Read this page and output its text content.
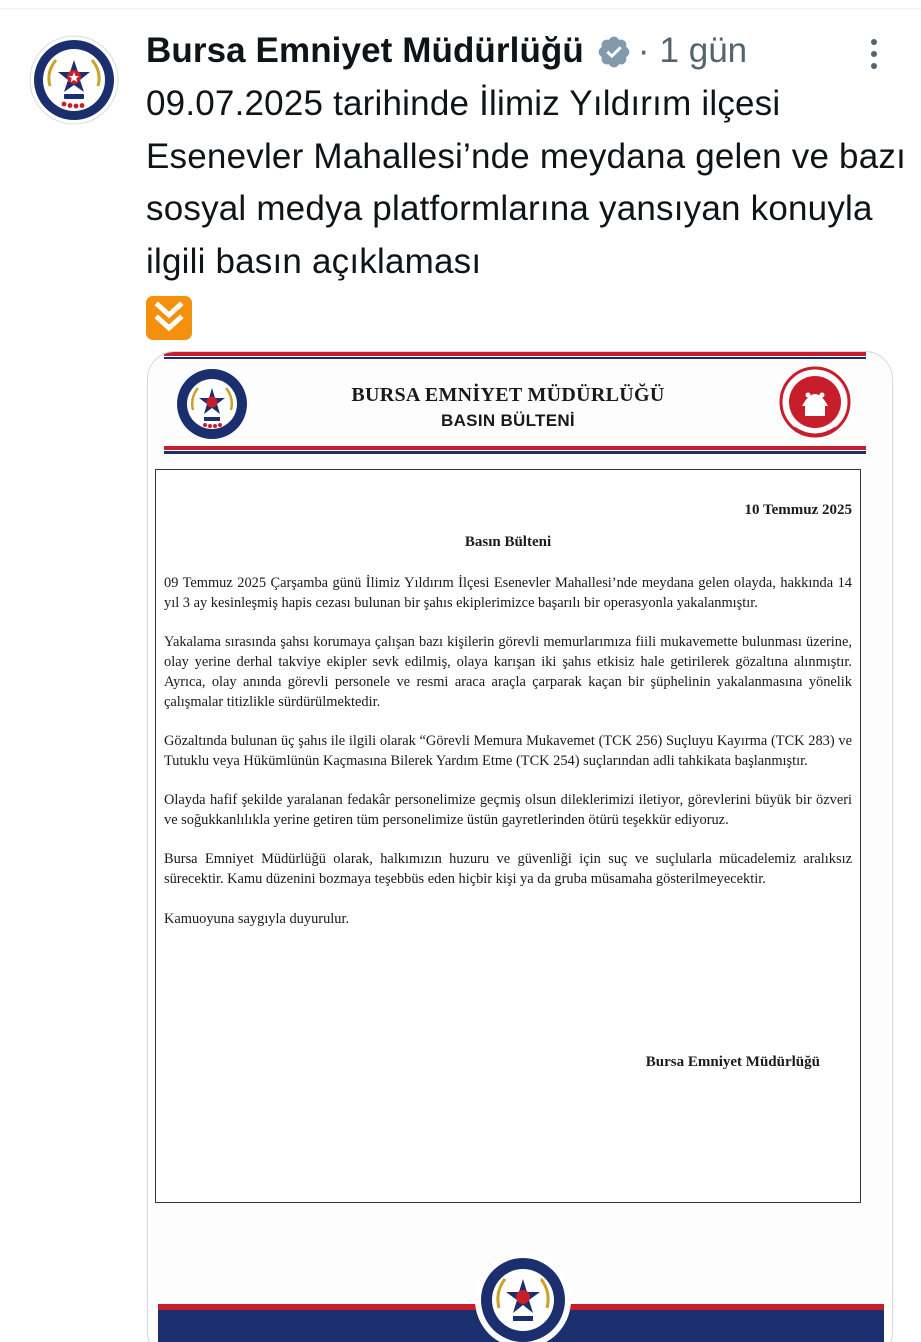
Bursa Emniyet Müdürlüğü · 1 gün
09.07.2025 tarihinde İlimiz Yıldırım ilçesi Esenevler Mahallesi’nde meydana gelen ve bazı sosyal medya platformlarına yansıyan konuyla ilgili basın açıklaması
BURSA EMNİYET MÜDÜRLÜĞÜ
BASIN BÜLTENİ
10 Temmuz 2025
Basın Bülteni

09 Temmuz 2025 Çarşamba günü İlimiz Yıldırım İlçesi Esenevler Mahallesi’nde meydana gelen olayda, hakkında 14 yıl 3 ay kesinleşmiş hapis cezası bulunan bir şahıs ekiplerimizce başarılı bir operasyonla yakalanmıştır.

Yakalama sırasında şahsı korumaya çalışan bazı kişilerin görevli memurlarımıza fiili mukavemette bulunması üzerine, olay yerine derhal takviye ekipler sevk edilmiş, olaya karışan iki şahıs etkisiz hale getirilerek gözaltına alınmıştır. Ayrıca, olay anında görevli personele ve resmi araca araçla çarparak kaçan bir şüphelinin yakalanmasına yönelik çalışmalar titizlikle sürdürülmektedir.

Gözaltında bulunan üç şahıs ile ilgili olarak “Görevli Memura Mukavemet (TCK 256) Suçluyu Kayırma (TCK 283) ve Tutuklu veya Hükümlünün Kaçmasına Bilerek Yardım Etme (TCK 254) suçlarından adli tahkikata başlanmıştır.

Olayda hafif şekilde yaralanan fedakâr personelimize geçmiş olsun dileklerimizi iletiyor, görevlerini büyük bir özveri ve soğukkanlılıkla yerine getiren tüm personelimize üstün gayretlerinden ötürü teşekkür ediyoruz.

Bursa Emniyet Müdürlüğü olarak, halkımızın huzuru ve güvenliği için suç ve suçlularla mücadelemiz aralıksız sürecektir. Kamu düzenini bozmaya teşebbüs eden hiçbir kişi ya da gruba müsamaha gösterilmeyecektir.

Kamuoyuna saygıyla duyurulur.

Bursa Emniyet Müdürlüğü
